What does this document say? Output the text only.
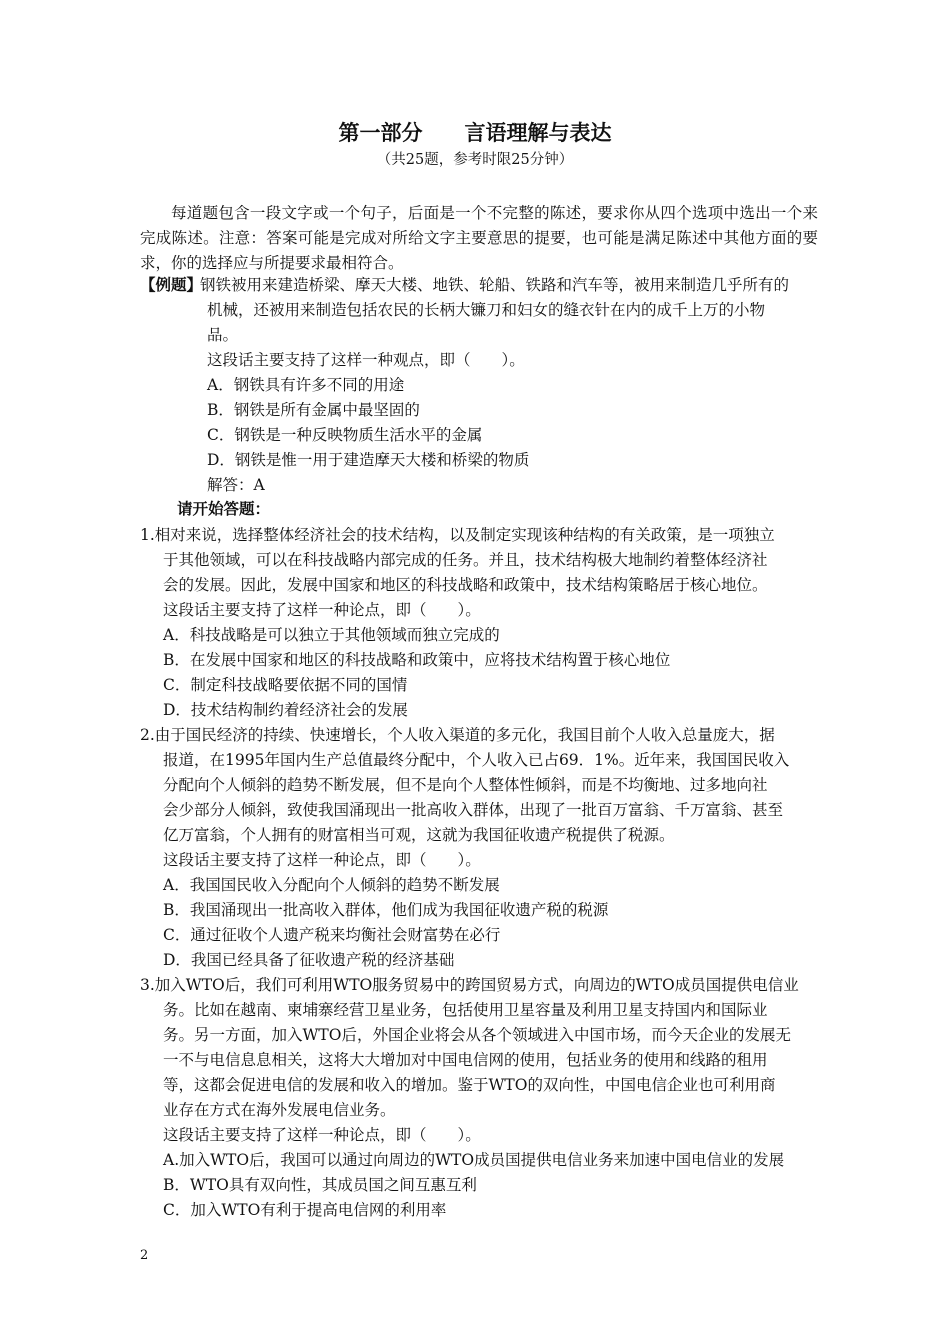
第一部分　　言语理解与表达
（共25题，参考时限25分钟）
每道题包含一段文字或一个句子，后面是一个不完整的陈述，要求你从四个选项中选出一个来完成陈述。注意：答案可能是完成对所给文字主要意思的提要，也可能是满足陈述中其他方面的要求，你的选择应与所提要求最相符合。
【例题】
钢铁被用来建造桥梁、摩天大楼、地铁、轮船、铁路和汽车等，被用来制造几乎所有的
机械，还被用来制造包括农民的长柄大镰刀和妇女的缝衣针在内的成千上万的小物
品。
这段话主要支持了这样一种观点，即（　　）。
A．钢铁具有许多不同的用途
B．钢铁是所有金属中最坚固的
C．钢铁是一种反映物质生活水平的金属
D．钢铁是惟一用于建造摩天大楼和桥梁的物质
解答：A
请开始答题：
1.相对来说，选择整体经济社会的技术结构，以及制定实现该种结构的有关政策，是一项独立
于其他领域，可以在科技战略内部完成的任务。并且，技术结构极大地制约着整体经济社
会的发展。因此，发展中国家和地区的科技战略和政策中，技术结构策略居于核心地位。
这段话主要支持了这样一种论点，即（　　）。
A．科技战略是可以独立于其他领域而独立完成的
B．在发展中国家和地区的科技战略和政策中，应将技术结构置于核心地位
C．制定科技战略要依据不同的国情
D．技术结构制约着经济社会的发展
2.由于国民经济的持续、快速增长，个人收入渠道的多元化，我国目前个人收入总量庞大，据
报道，在1995年国内生产总值最终分配中，个人收入已占69．1%。近年来，我国国民收入
分配向个人倾斜的趋势不断发展，但不是向个人整体性倾斜，而是不均衡地、过多地向社
会少部分人倾斜，致使我国涌现出一批高收入群体，出现了一批百万富翁、千万富翁、甚至
亿万富翁，个人拥有的财富相当可观，这就为我国征收遗产税提供了税源。
这段话主要支持了这样一种论点，即（　　）。
A．我国国民收入分配向个人倾斜的趋势不断发展
B．我国涌现出一批高收入群体，他们成为我国征收遗产税的税源
C．通过征收个人遗产税来均衡社会财富势在必行
D．我国已经具备了征收遗产税的经济基础
3.加入WTO后，我们可利用WTO服务贸易中的跨国贸易方式，向周边的WTO成员国提供电信业
务。比如在越南、柬埔寨经营卫星业务，包括使用卫星容量及利用卫星支持国内和国际业
务。另一方面，加入WTO后，外国企业将会从各个领域进入中国市场，而今天企业的发展无
一不与电信息息相关，这将大大增加对中国电信网的使用，包括业务的使用和线路的租用
等，这都会促进电信的发展和收入的增加。鉴于WTO的双向性，中国电信企业也可利用商
业存在方式在海外发展电信业务。
这段话主要支持了这样一种论点，即（　　）。
A.加入WTO后，我国可以通过向周边的WTO成员国提供电信业务来加速中国电信业的发展
B．WTO具有双向性，其成员国之间互惠互利
C．加入WTO有利于提高电信网的利用率
2
